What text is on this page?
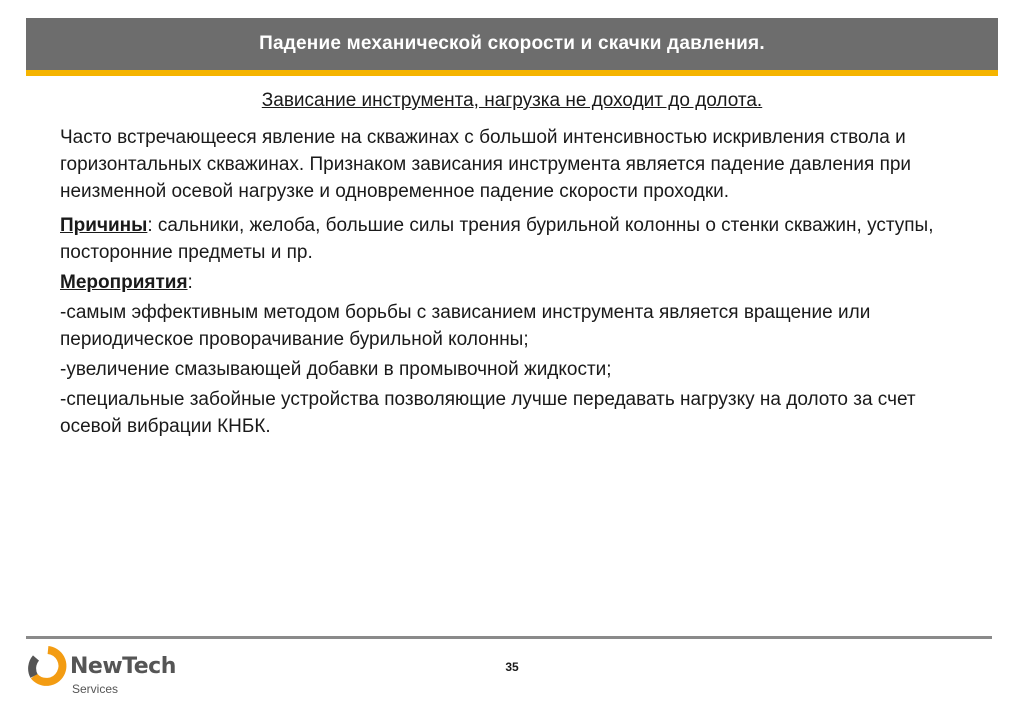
Падение механической скорости и скачки давления.
Зависание инструмента, нагрузка не доходит до долота.

Часто встречающееся явление на скважинах с большой интенсивностью искривления ствола и горизонтальных скважинах. Признаком зависания инструмента является падение давления при неизменной осевой нагрузке и одновременное падение скорости проходки.

Причины: сальники, желоба, большие силы трения бурильной колонны о стенки скважин, уступы, посторонние предметы и пр.

Мероприятия:

-самым эффективным методом борьбы с зависанием инструмента является вращение или периодическое проворачивание бурильной колонны;

-увеличение смазывающей добавки в промывочной жидкости;

-специальные забойные устройства позволяющие лучше передавать нагрузку на долото за счет осевой вибрации КНБК.

NewTech
Services
35
